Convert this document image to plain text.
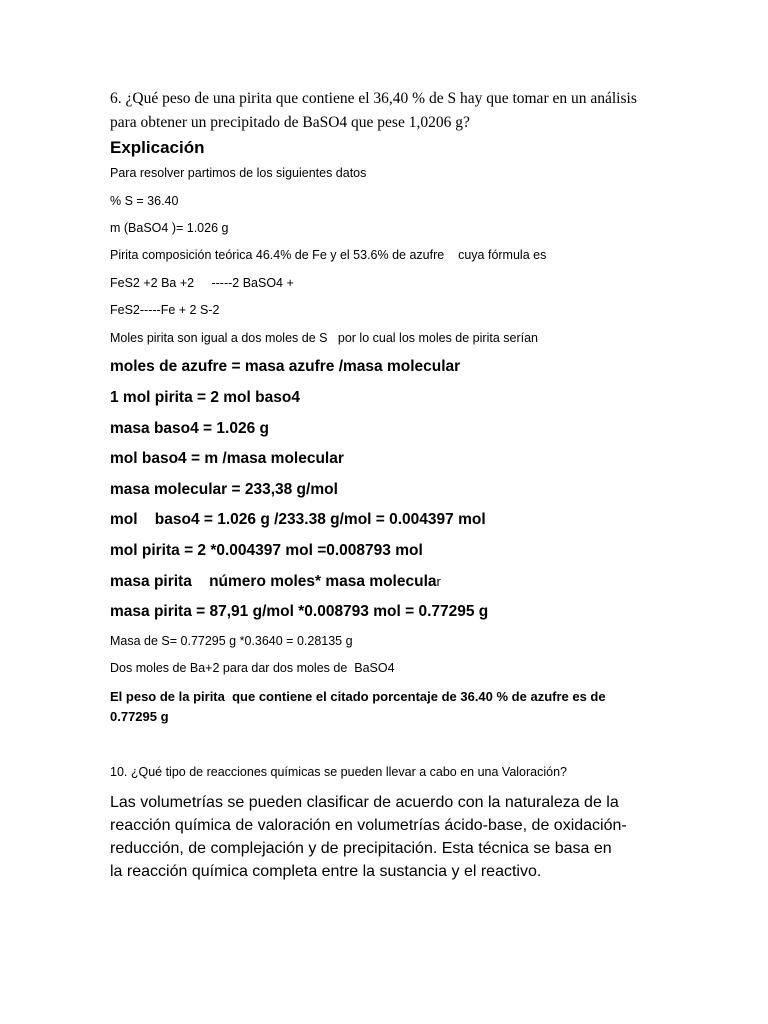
6. ¿Qué peso de una pirita que contiene el 36,40 % de S hay que tomar en un análisis

para obtener un precipitado de BaSO4 que pese 1,0206 g?

Explicación

Para resolver partimos de los siguientes datos

% S = 36.40

m (BaSO4 )= 1.026 g

Pirita composición teórica 46.4% de Fe y el 53.6% de azufre    cuya fórmula es

FeS2 +2 Ba +2     -----2 BaSO4 +

FeS2-----Fe + 2 S-2

Moles pirita son igual a dos moles de S   por lo cual los moles de pirita serían

moles de azufre = masa azufre /masa molecular

1 mol pirita = 2 mol baso4

masa baso4 = 1.026 g

mol baso4 = m /masa molecular

masa molecular = 233,38 g/mol

mol    baso4 = 1.026 g /233.38 g/mol = 0.004397 mol

mol pirita = 2 *0.004397 mol =0.008793 mol

masa pirita    número moles* masa molecular

masa pirita = 87,91 g/mol *0.008793 mol = 0.77295 g

Masa de S= 0.77295 g *0.3640 = 0.28135 g

Dos moles de Ba+2 para dar dos moles de  BaSO4

El peso de la pirita  que contiene el citado porcentaje de 36.40 % de azufre es de

0.77295 g

10. ¿Qué tipo de reacciones químicas se pueden llevar a cabo en una Valoración?

Las volumetrías se pueden clasificar de acuerdo con la naturaleza de la

reacción química de valoración en volumetrías ácido-base, de oxidación-

reducción, de complejación y de precipitación. Esta técnica se basa en

la reacción química completa entre la sustancia y el reactivo.
